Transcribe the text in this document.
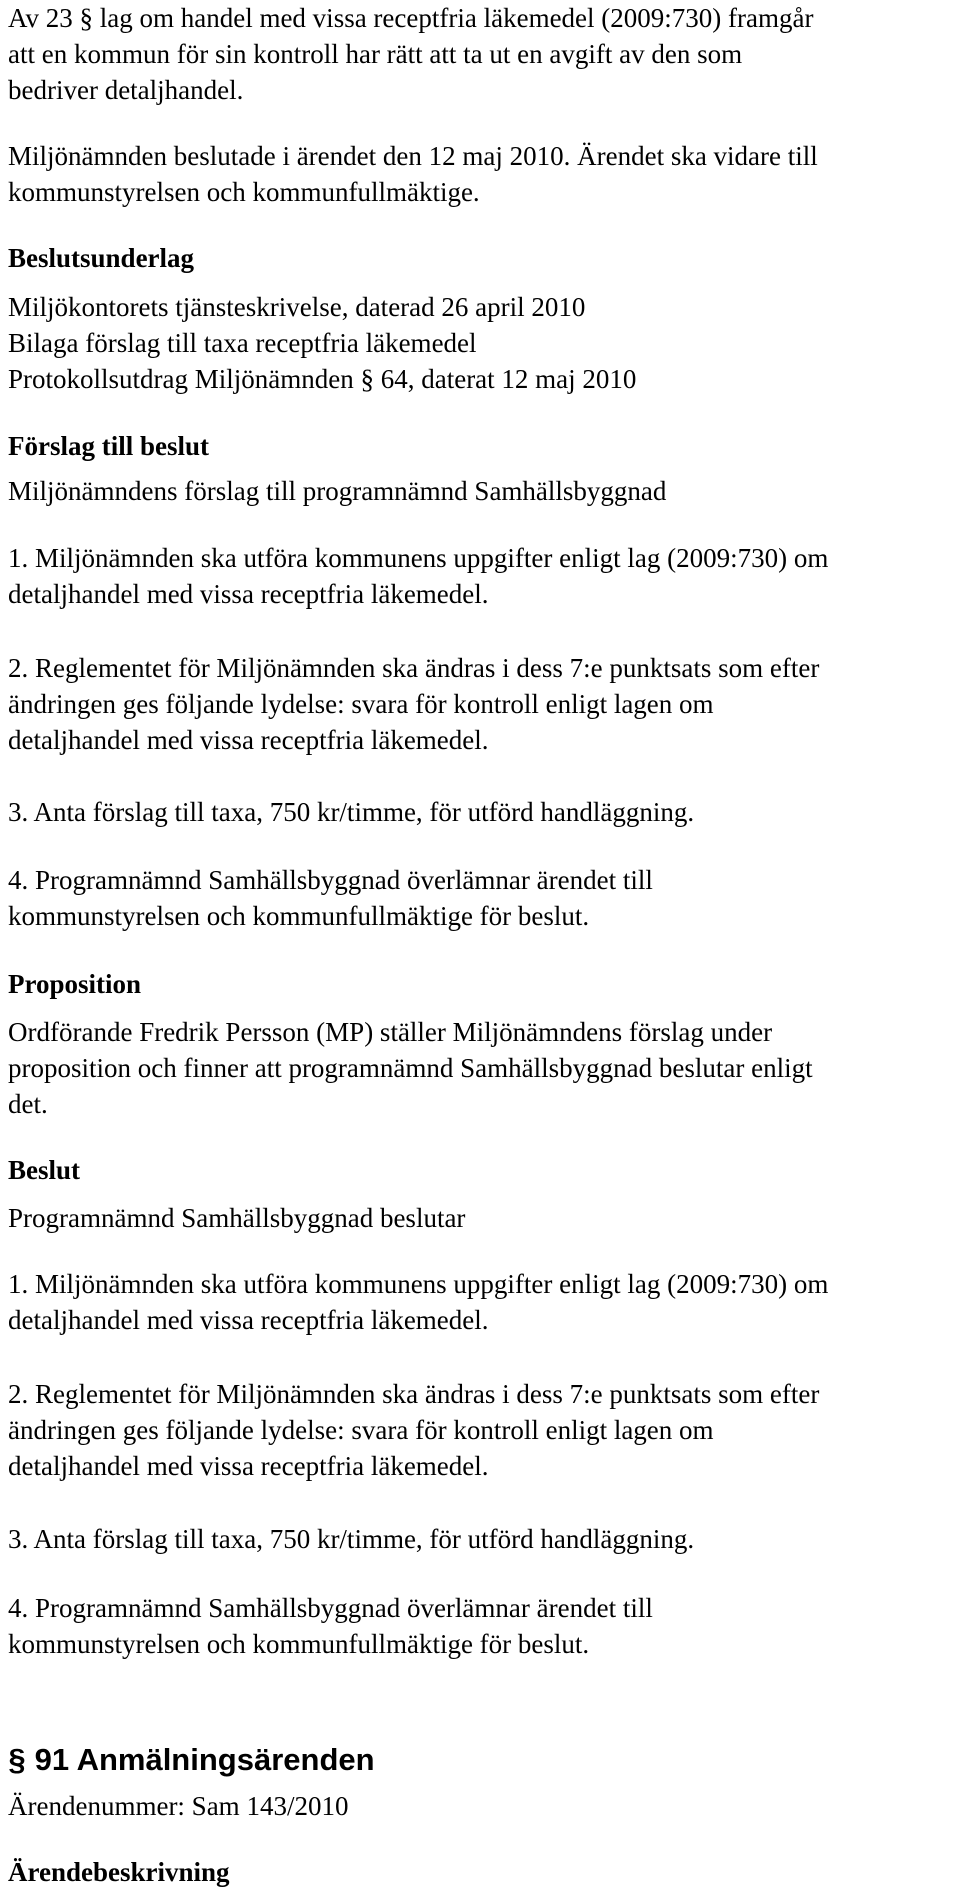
Av 23 § lag om handel med vissa receptfria läkemedel (2009:730) framgår
att en kommun för sin kontroll har rätt att ta ut en avgift av den som
bedriver detaljhandel.
Miljönämnden beslutade i ärendet den 12 maj 2010. Ärendet ska vidare till
kommunstyrelsen och kommunfullmäktige.
Beslutsunderlag
Miljökontorets tjänsteskrivelse, daterad 26 april 2010
Bilaga förslag till taxa receptfria läkemedel
Protokollsutdrag Miljönämnden § 64, daterat 12 maj 2010
Förslag till beslut
Miljönämndens förslag till programnämnd Samhällsbyggnad
1. Miljönämnden ska utföra kommunens uppgifter enligt lag (2009:730) om
detaljhandel med vissa receptfria läkemedel.
2. Reglementet för Miljönämnden ska ändras i dess 7:e punktsats som efter
ändringen ges följande lydelse: svara för kontroll enligt lagen om
detaljhandel med vissa receptfria läkemedel.
3. Anta förslag till taxa, 750 kr/timme, för utförd handläggning.
4. Programnämnd Samhällsbyggnad överlämnar ärendet till
kommunstyrelsen och kommunfullmäktige för beslut.
Proposition
Ordförande Fredrik Persson (MP) ställer Miljönämndens förslag under
proposition och finner att programnämnd Samhällsbyggnad beslutar enligt
det.
Beslut
Programnämnd Samhällsbyggnad beslutar
1. Miljönämnden ska utföra kommunens uppgifter enligt lag (2009:730) om
detaljhandel med vissa receptfria läkemedel.
2. Reglementet för Miljönämnden ska ändras i dess 7:e punktsats som efter
ändringen ges följande lydelse: svara för kontroll enligt lagen om
detaljhandel med vissa receptfria läkemedel.
3. Anta förslag till taxa, 750 kr/timme, för utförd handläggning.
4. Programnämnd Samhällsbyggnad överlämnar ärendet till
kommunstyrelsen och kommunfullmäktige för beslut.
§ 91 Anmälningsärenden
Ärendenummer: Sam 143/2010
Ärendebeskrivning
